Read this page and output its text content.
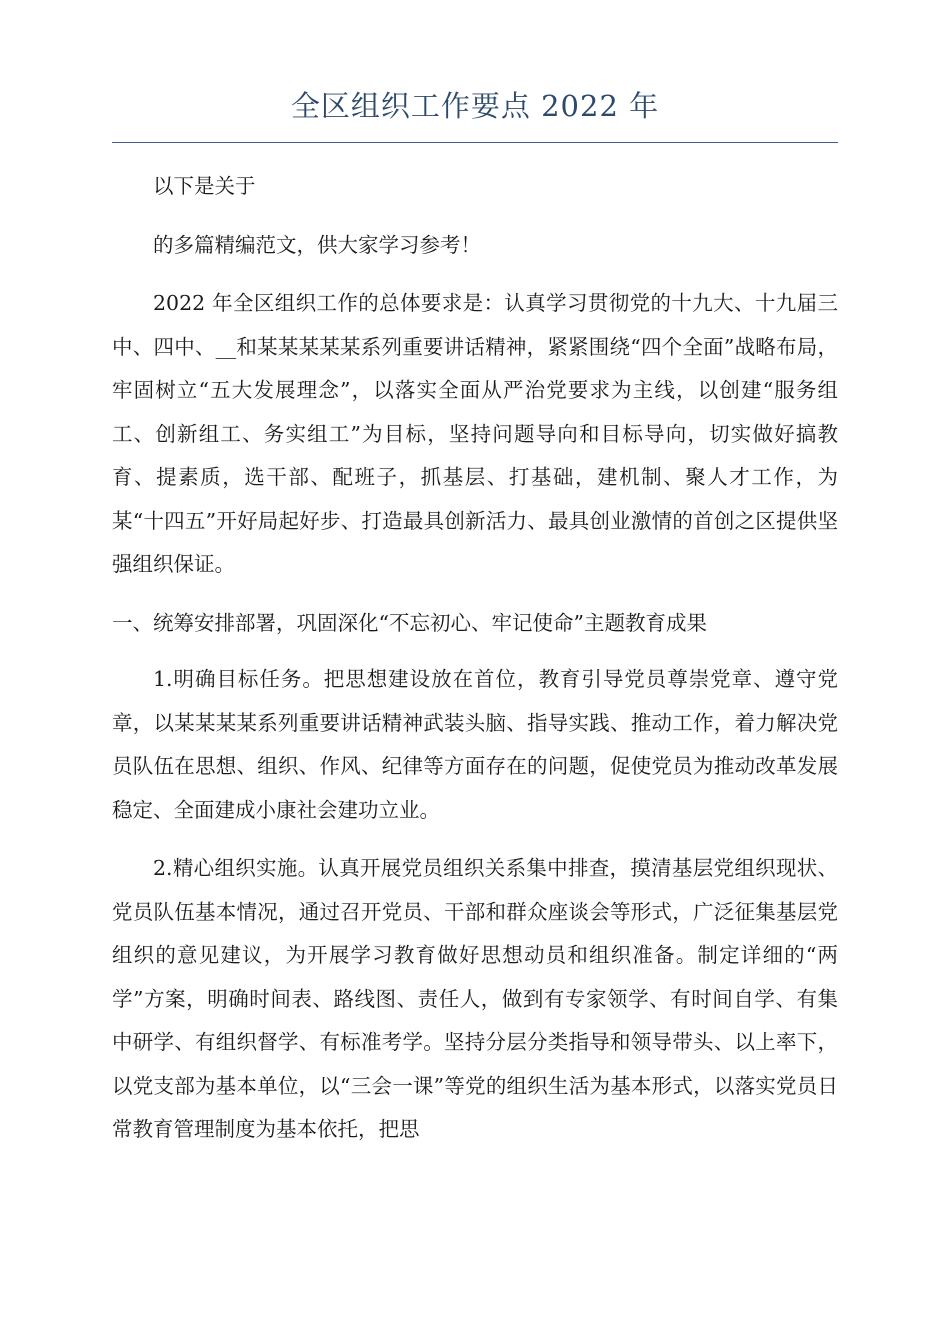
全区组织工作要点 2022 年

以下是关于

的多篇精编范文，供大家学习参考！

2022 年全区组织工作的总体要求是：认真学习贯彻党的十九大、十九届三中、四中、__和某某某某某系列重要讲话精神，紧紧围绕“四个全面”战略布局，牢固树立“五大发展理念”，以落实全面从严治党要求为主线，以创建“服务组工、创新组工、务实组工”为目标，坚持问题导向和目标导向，切实做好搞教育、提素质，选干部、配班子，抓基层、打基础，建机制、聚人才工作，为某“十四五”开好局起好步、打造最具创新活力、最具创业激情的首创之区提供坚强组织保证。

一、统筹安排部署，巩固深化“不忘初心、牢记使命”主题教育成果

1.明确目标任务。把思想建设放在首位，教育引导党员尊崇党章、遵守党章，以某某某某系列重要讲话精神武装头脑、指导实践、推动工作，着力解决党员队伍在思想、组织、作风、纪律等方面存在的问题，促使党员为推动改革发展稳定、全面建成小康社会建功立业。

2.精心组织实施。认真开展党员组织关系集中排查，摸清基层党组织现状、党员队伍基本情况，通过召开党员、干部和群众座谈会等形式，广泛征集基层党组织的意见建议，为开展学习教育做好思想动员和组织准备。制定详细的“两学”方案，明确时间表、路线图、责任人，做到有专家领学、有时间自学、有集中研学、有组织督学、有标准考学。坚持分层分类指导和领导带头、以上率下，以党支部为基本单位，以“三会一课”等党的组织生活为基本形式，以落实党员日常教育管理制度为基本依托，把思
